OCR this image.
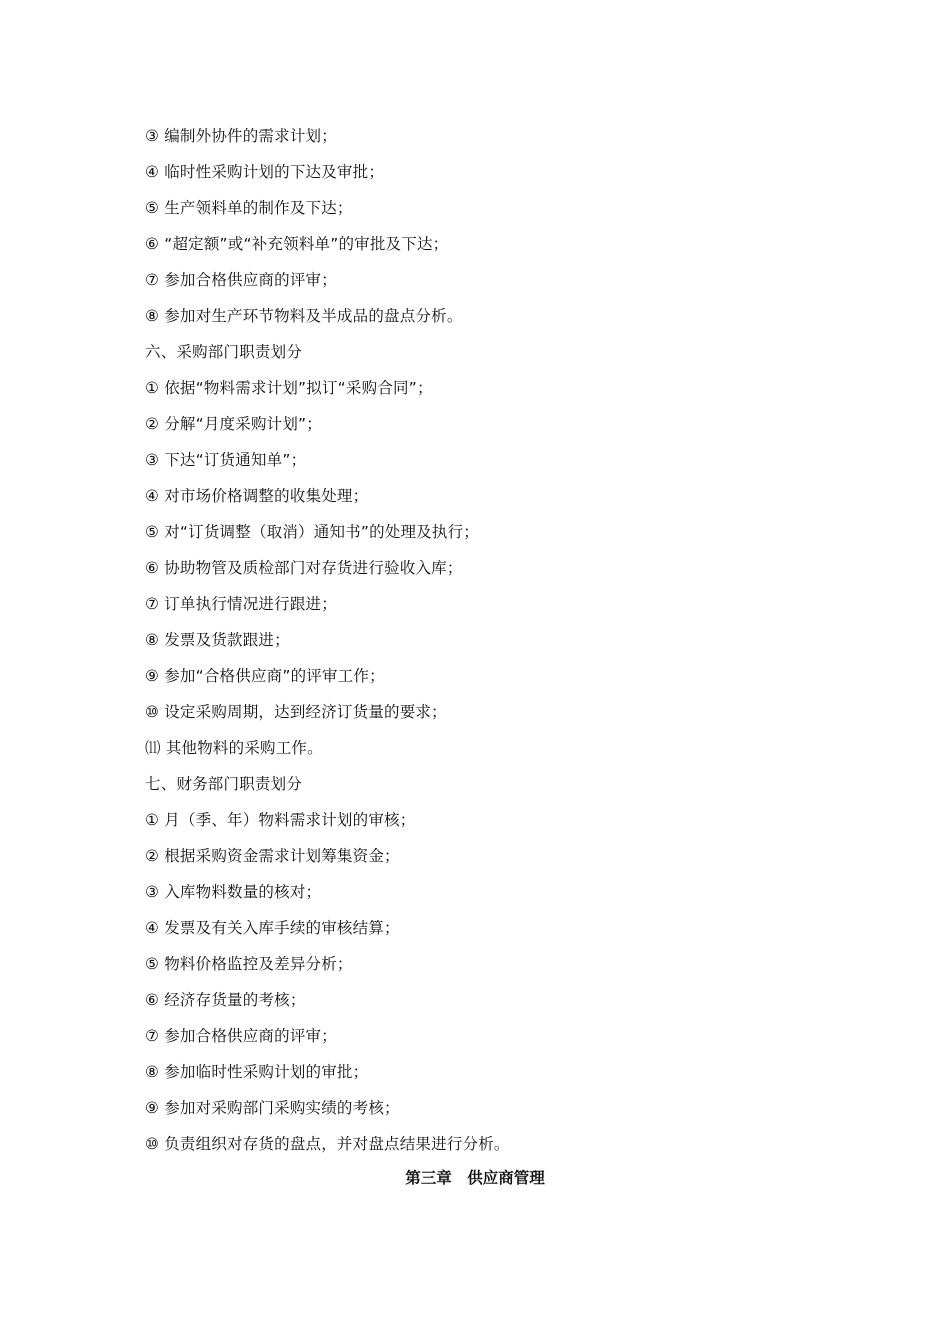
③ 编制外协件的需求计划；
④ 临时性采购计划的下达及审批；
⑤ 生产领料单的制作及下达；
⑥ “超定额”或“补充领料单”的审批及下达；
⑦ 参加合格供应商的评审；
⑧ 参加对生产环节物料及半成品的盘点分析。
六、采购部门职责划分
① 依据“物料需求计划”拟订“采购合同”；
② 分解“月度采购计划”；
③ 下达“订货通知单”；
④ 对市场价格调整的收集处理；
⑤ 对“订货调整（取消）通知书”的处理及执行；
⑥ 协助物管及质检部门对存货进行验收入库；
⑦ 订单执行情况进行跟进；
⑧ 发票及货款跟进；
⑨ 参加“合格供应商”的评审工作；
⑩ 设定采购周期，达到经济订货量的要求；
⑾ 其他物料的采购工作。
七、财务部门职责划分
① 月（季、年）物料需求计划的审核；
② 根据采购资金需求计划筹集资金；
③ 入库物料数量的核对；
④ 发票及有关入库手续的审核结算；
⑤ 物料价格监控及差异分析；
⑥ 经济存货量的考核；
⑦ 参加合格供应商的评审；
⑧ 参加临时性采购计划的审批；
⑨ 参加对采购部门采购实绩的考核；
⑩ 负责组织对存货的盘点，并对盘点结果进行分析。
第三章　供应商管理
